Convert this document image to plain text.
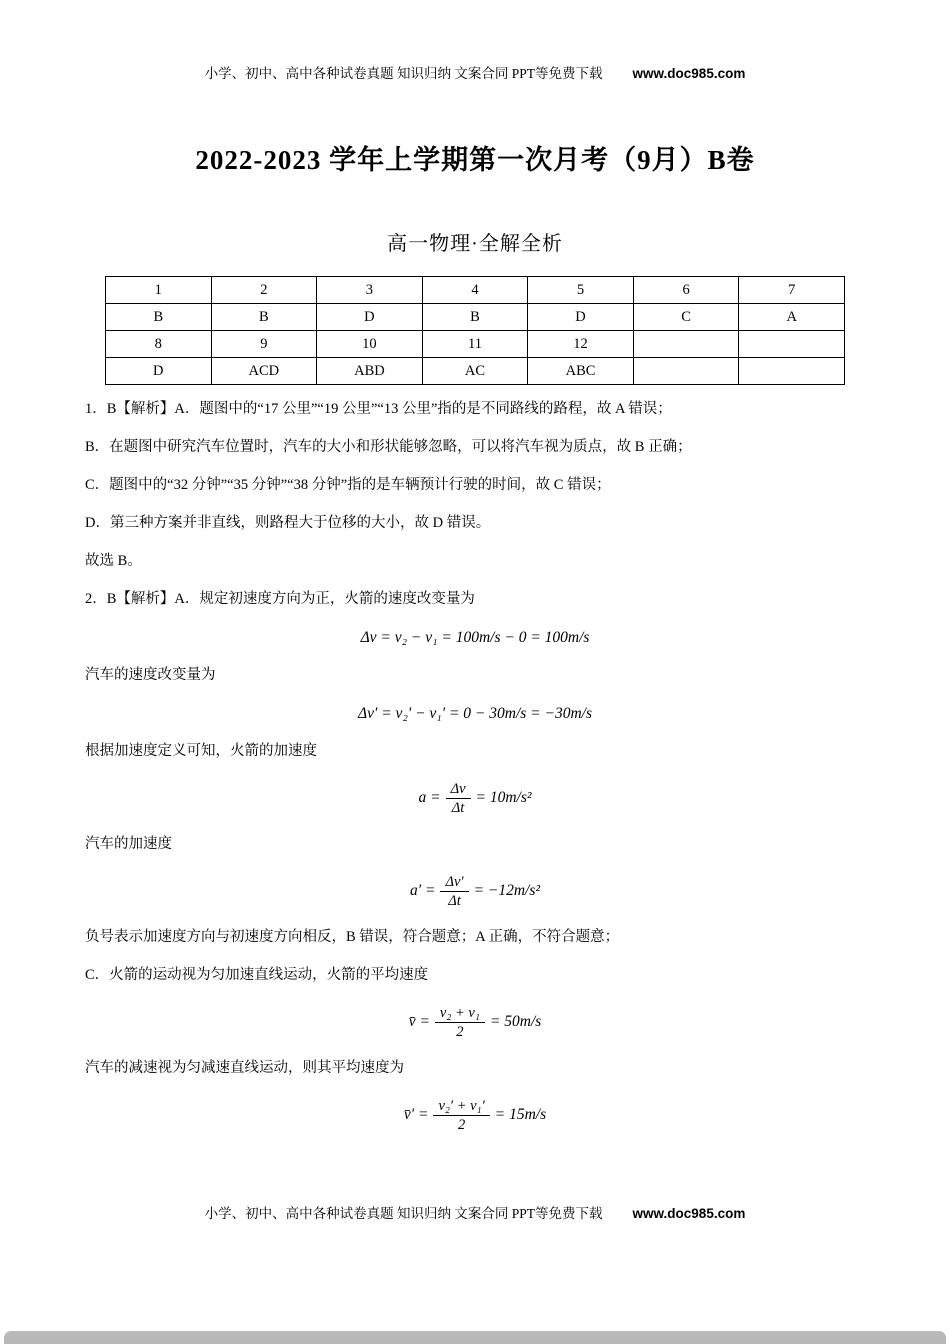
小学、初中、高中各种试卷真题 知识归纳 文案合同 PPT等免费下载 www.doc985.com
2022-2023 学年上学期第一次月考（9月）B卷
高一物理·全解全析
1	2	3	4	5	6	7
B	B	D	B	D	C	A
8	9	10	11	12		
D	ACD	ABD	AC	ABC		

1．B【解析】A．题图中的“17 公里”“19 公里”“13 公里”指的是不同路线的路程，故 A 错误；

B．在题图中研究汽车位置时，汽车的大小和形状能够忽略，可以将汽车视为质点，故 B 正确；

C．题图中的“32 分钟”“35 分钟”“38 分钟”指的是车辆预计行驶的时间，故 C 错误；

D．第三种方案并非直线，则路程大于位移的大小，故 D 错误。

故选 B。

2．B【解析】A．规定初速度方向为正，火箭的速度改变量为

Δv = v₂ − v₁ = 100m/s − 0 = 100m/s

汽车的速度改变量为

Δv′ = v₂′ − v₁′ = 0 − 30m/s = −30m/s

根据加速度定义可知，火箭的加速度

$a = \frac{\Delta v}{\Delta t} = 10m/s^2$

汽车的加速度

$a' = \frac{\Delta v'}{\Delta t} = -12m/s^2$

负号表示加速度方向与初速度方向相反，B 错误，符合题意；A 正确，不符合题意；

C．火箭的运动视为匀加速直线运动，火箭的平均速度

v̄ = $\frac{\text{v₂ + v₁}}{2} = 50m/s$

汽车的减速视为匀减速直线运动，则其平均速度为

v̄′ = $\frac{\text{v₂′ + v₁′}}{2} = 15m/s$
小学、初中、高中各种试卷真题 知识归纳 文案合同 PPT等免费下载 www.doc985.com
